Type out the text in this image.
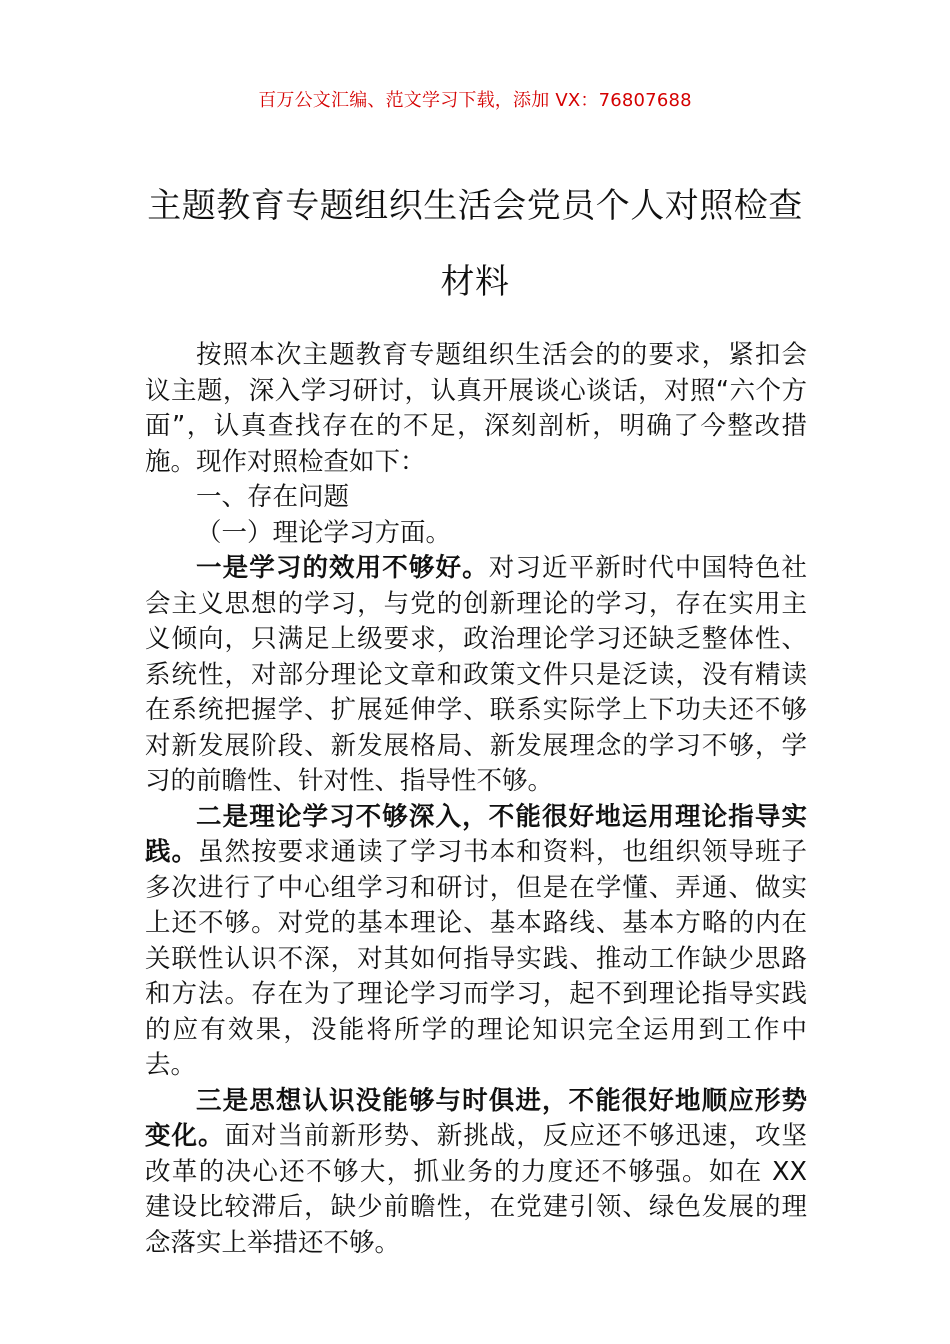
百万公文汇编、范文学习下载，添加 VX：76807688
主题教育专题组织生活会党员个人对照检查材料

按照本次主题教育专题组织生活会的的要求，紧扣会议主题，深入学习研讨，认真开展谈心谈话，对照“六个方面”，认真查找存在的不足，深刻剖析，明确了今整改措施。现作对照检查如下：

一、存在问题

（一）理论学习方面。

一是学习的效用不够好。对习近平新时代中国特色社会主义思想的学习，与党的创新理论的学习，存在实用主义倾向，只满足上级要求，政治理论学习还缺乏整体性、系统性，对部分理论文章和政策文件只是泛读，没有精读在系统把握学、扩展延伸学、联系实际学上下功夫还不够对新发展阶段、新发展格局、新发展理念的学习不够，学习的前瞻性、针对性、指导性不够。

二是理论学习不够深入，不能很好地运用理论指导实践。虽然按要求通读了学习书本和资料，也组织领导班子多次进行了中心组学习和研讨，但是在学懂、弄通、做实上还不够。对党的基本理论、基本路线、基本方略的内在关联性认识不深，对其如何指导实践、推动工作缺少思路和方法。存在为了理论学习而学习，起不到理论指导实践的应有效果，没能将所学的理论知识完全运用到工作中去。

三是思想认识没能够与时俱进，不能很好地顺应形势变化。面对当前新形势、新挑战，反应还不够迅速，攻坚改革的决心还不够大，抓业务的力度还不够强。如在 XX 建设比较滞后，缺少前瞻性，在党建引领、绿色发展的理念落实上举措还不够。
